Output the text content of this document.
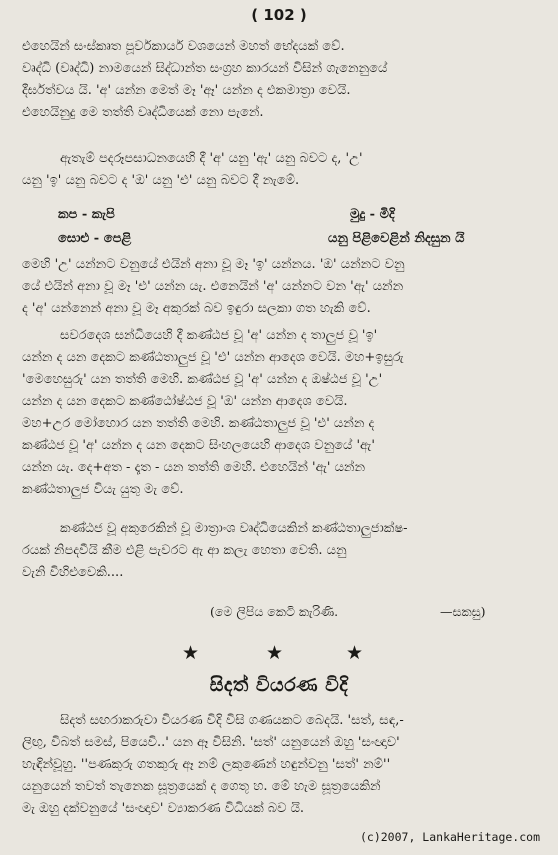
( 102 )
එහෙයින් සංස්කෘත පූර්වකාර්ය වශයෙන් මහත් භේදයක් වේ.
වෘද්ධි (වෘද්ධි) නාමයෙන් සිද්ධාන්ත සංග්‍රහ කාරයන් විසින් ගැනෙනුයේ
දීර්ඝත්වය යි. 'අ' යන්න මෙත් මෑ 'ඈ' යන්න ද එකමාත්‍රා වෙයි.
එහෙයිනුදු මෙ තත්ති වෘද්ධියෙක් නො පැනේ.
ඇතැම් පදරූපසාධනයෙහි දී 'අ' යනු 'ඇ' යනු බවට ද, 'උ'
යනු 'ඉ' යනු බවට ද 'ඔ' යනු 'එ' යනු බවට දී නැමේ.
කප - කැපි	මුදු - මිදි
සොළු - පෙළි	යනු පිළිවෙළින් නිදසුන යි
මෙහි 'උ' යන්නට වනුයේ එයින් අනා වූ මෑ 'ඉ' යන්නය. 'ඔ' යන්නට වනු
යේ එයින් අනා වූ මෑ 'එ' යන්න යැ. එනෙයින් 'අ' යන්නට වන 'ඇ' යන්න
ද 'අ' යන්නෙන් අනා වූ මෑ අකුරක් බව ඉඳුරා සලකා ගත හැකි වේ.
සවරදෙශ සන්ධියෙහි දී කණ්ඨජ වූ 'අ' යන්න ද තාලුජ වූ 'ඉ'
යන්න ද යන දෙකට කණ්ඨතාලුජ වූ 'එ' යන්න ආදෙශ වෙයි. මහ+ඉසුරු
'මෙහෙසුරු' යන තත්ති මෙහි. කණ්ඨජ වූ 'අ' යන්න ද ඔෂ්ඨජ වූ 'උ'
යන්න ද යන දෙකට කණ්ඨෝෂ්ඨජ වූ 'ඔ' යන්න ආදෙශ වෙයි.
මහ+උර මෝහොර යන තත්ති මෙහි. කණ්ඨතාලුජ වූ 'එ' යන්න ද
කණ්ඨජ වූ 'අ' යන්න ද යන දෙකට සිංහලයෙහි ආදෙශ වනුයේ 'ඇ'
යන්න යැ. දෙ+අත - දෑත - යන තත්ති මෙහි. එහෙයින් 'ඇ' යන්න
කණ්ඨතාලුජ වියැ යුතු මැ වේ.
කණ්ඨජ වූ අකුරෙකින් වූ මාත්‍රාංශ වෘද්ධියෙකින් කණ්ඨතාලුජාක්ෂ-
රයක් නිපදවීයි කීම එළි පැවරට ඇ ආ කලැ හෙතා වෙති. යනු
වැනි විහිළුවෙකි....
(මෙ ලිපිය කෙටි කැරිණි.	—සකසු)
★	★	★
සිදත් වියරණ විදි
සිදත් සඟරාකරුවා වියරණ විදි විසි ගණයකට බෙදයි. 'සත්, සඳ,-
ලිඟු, විබත් සමස්, පියෙවි..' යන ඈ විසිනි. 'සත්' යනුයෙන් ඔහු 'සංඥාව'
හැඳින්වූහු. ''පණකුරු ගතකුරු ඈ නම් ලකුණෙන් හඳුන්වනු 'සත්' නම්''
යනුයෙන් තවත් තැනෙක සූත්‍රයෙක් ද ගෙතූ හ. මේ හැම සූත්‍රයෙකින්
මැ ඔහු දක්වනුයේ 'සංඥාව' ව්‍යාකරණ විධියක් බව යි.
(c)2007, LankaHeritage.com
